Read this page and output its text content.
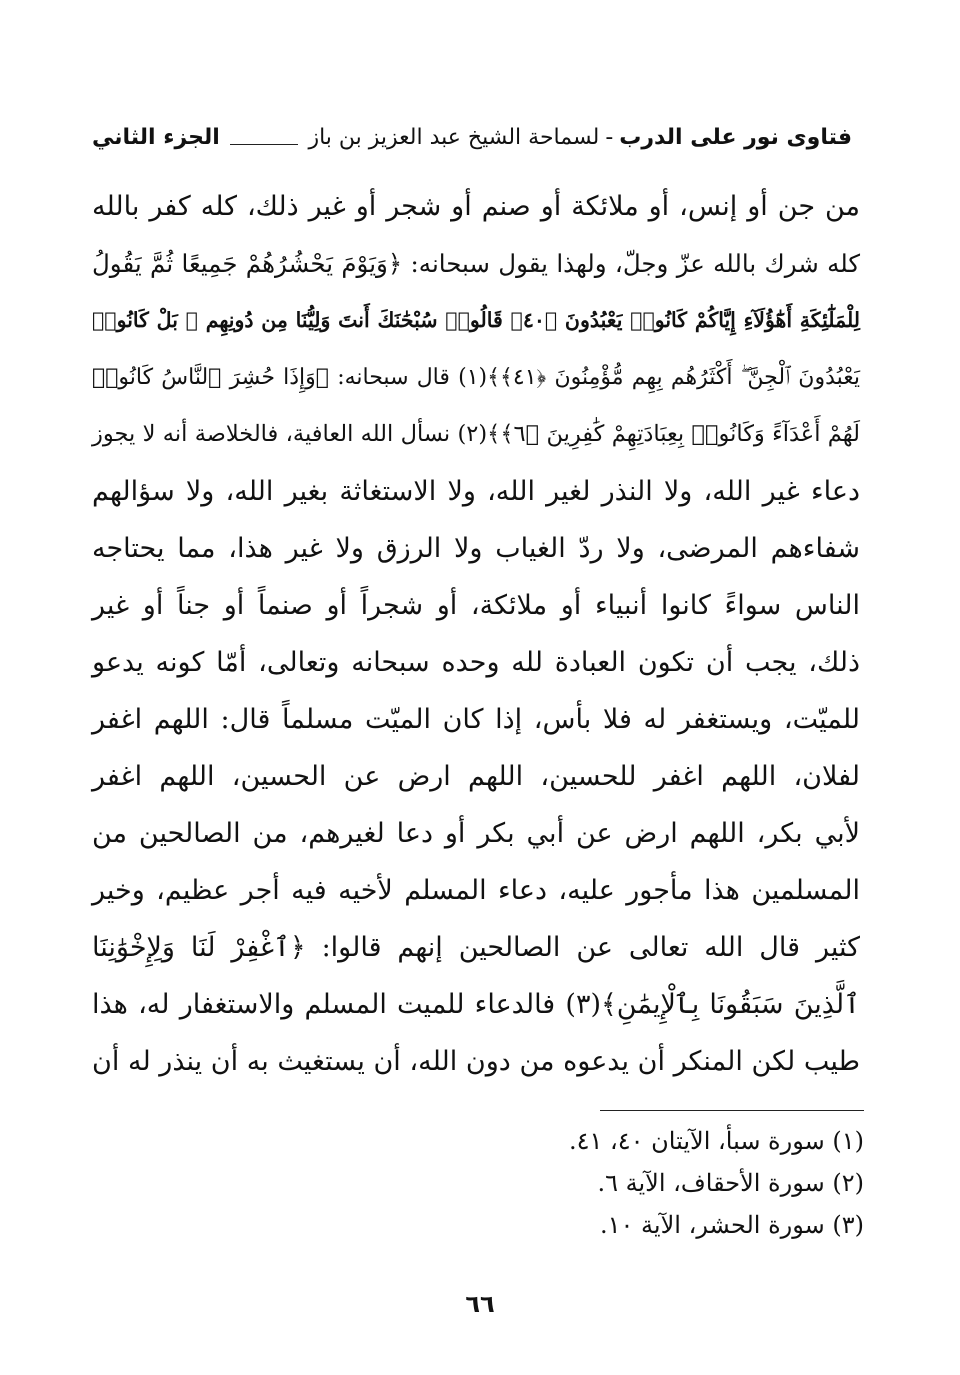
فتاوى نور على الدرب
-
لسماحة الشيخ عبد العزيز بن باز
الجزء الثاني
من جن أو إنس، أو ملائكة أو صنم أو شجر أو غير ذلك، كله كفر بالله
كله شرك بالله عزّ وجلّ، ولهذا يقول سبحانه: ﴿وَيَوْمَ يَحْشُرُهُمْ جَمِيعًا ثُمَّ يَقُولُ
لِلْمَلَٰٓئِكَةِ أَهَٰٓؤُلَآءِ إِيَّاكُمْ كَانُوا۟ يَعْبُدُونَ ﴿٤٠﴾ قَالُوا۟ سُبْحَٰنَكَ أَنتَ وَلِيُّنَا مِن دُونِهِم ۖ بَلْ كَانُوا۟
يَعْبُدُونَ ٱلْجِنَّ ۖ أَكْثَرُهُم بِهِم مُّؤْمِنُونَ ﴿٤١﴾﴾(١) قال سبحانه: ﴿وَإِذَا حُشِرَ ٱلنَّاسُ كَانُوا۟
لَهُمْ أَعْدَآءً وَكَانُوا۟ بِعِبَادَتِهِمْ كَٰفِرِينَ ﴿٦﴾﴾(٢) نسأل الله العافية، فالخلاصة أنه لا يجوز
دعاء غير الله، ولا النذر لغير الله، ولا الاستغاثة بغير الله، ولا سؤالهم
شفاءهم المرضى، ولا ردّ الغياب ولا الرزق ولا غير هذا، مما يحتاجه
الناس سواءً كانوا أنبياء أو ملائكة، أو شجراً أو صنماً أو جناً أو غير
ذلك، يجب أن تكون العبادة لله وحده سبحانه وتعالى، أمّا كونه يدعو
للميّت، ويستغفر له فلا بأس، إذا كان الميّت مسلماً قال: اللهم اغفر
لفلان، اللهم اغفر للحسين، اللهم ارض عن الحسين، اللهم اغفر
لأبي بكر، اللهم ارض عن أبي بكر أو دعا لغيرهم، من الصالحين من
المسلمين هذا مأجور عليه، دعاء المسلم لأخيه فيه أجر عظيم، وخير
كثير قال الله تعالى عن الصالحين إنهم قالوا: ﴿ٱغْفِرْ لَنَا وَلِإِخْوَٰنِنَا
ٱلَّذِينَ سَبَقُونَا بِٱلْإِيمَٰنِ﴾(٣) فالدعاء للميت المسلم والاستغفار له، هذا
طيب لكن المنكر أن يدعوه من دون الله، أن يستغيث به أن ينذر له أن
(١) سورة سبأ، الآيتان ٤٠، ٤١.
(٢) سورة الأحقاف، الآية ٦.
(٣) سورة الحشر، الآية ١٠.
٦٦
